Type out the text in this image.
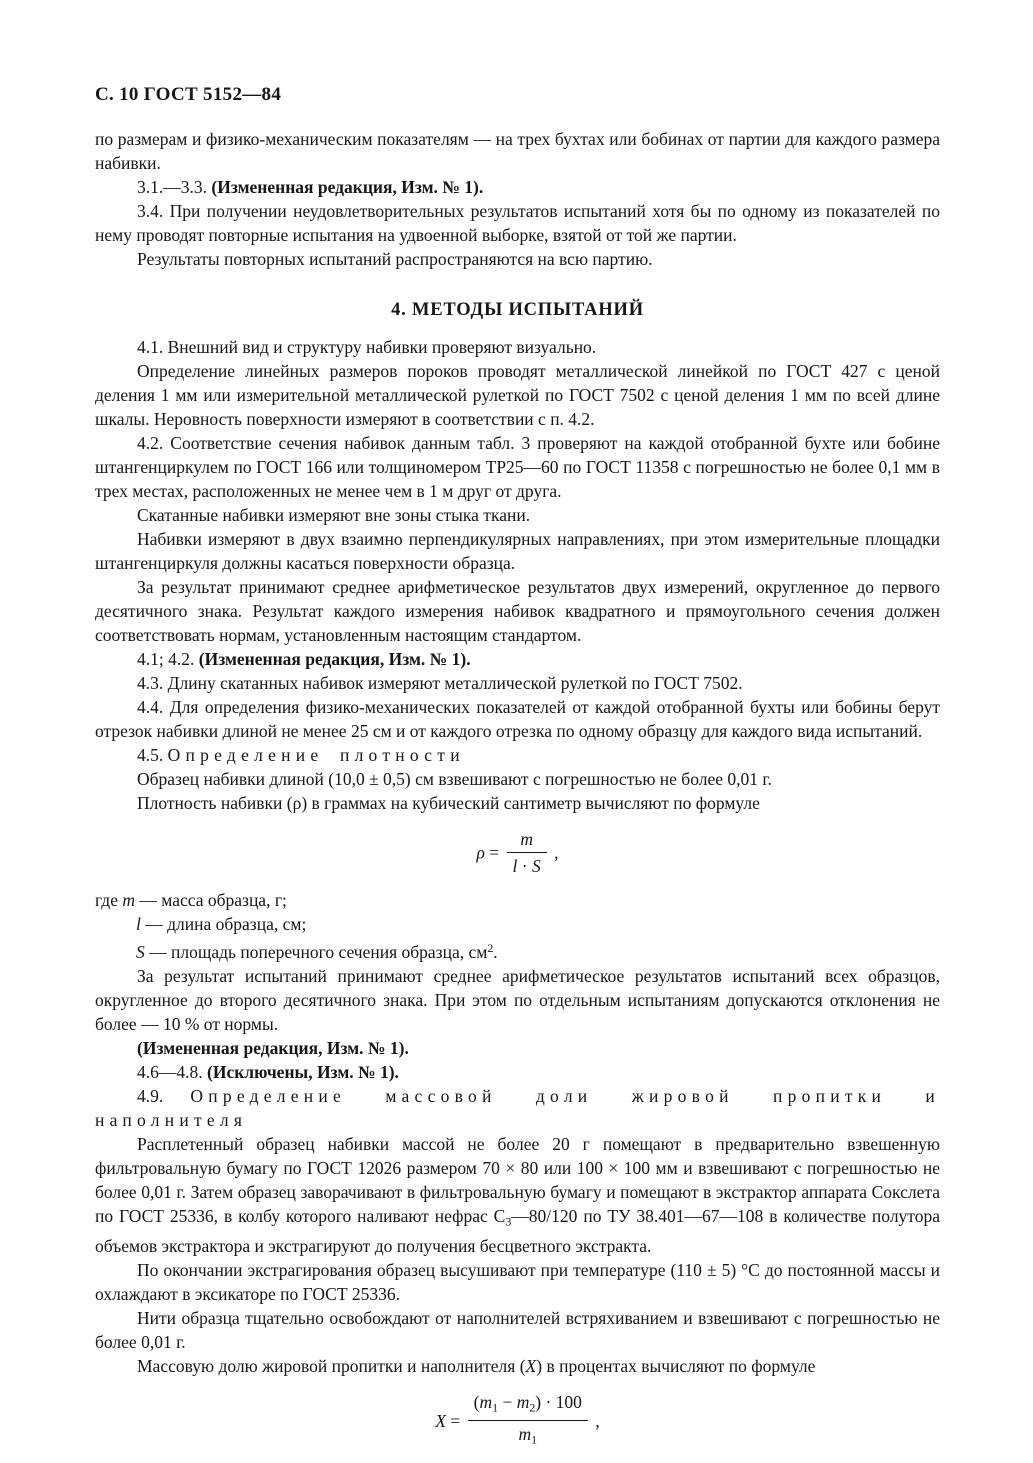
С. 10 ГОСТ 5152—84

по размерам и физико-механическим показателям — на трех бухтах или бобинах от партии для каждого размера набивки.

3.1.—3.3. (Измененная редакция, Изм. № 1).

3.4. При получении неудовлетворительных результатов испытаний хотя бы по одному из показателей по нему проводят повторные испытания на удвоенной выборке, взятой от той же партии.

Результаты повторных испытаний распространяются на всю партию.

4. МЕТОДЫ ИСПЫТАНИЙ

4.1. Внешний вид и структуру набивки проверяют визуально.

Определение линейных размеров пороков проводят металлической линейкой по ГОСТ 427 с ценой деления 1 мм или измерительной металлической рулеткой по ГОСТ 7502 с ценой деления 1 мм по всей длине шкалы. Неровность поверхности измеряют в соответствии с п. 4.2.

4.2. Соответствие сечения набивок данным табл. 3 проверяют на каждой отобранной бухте или бобине штангенциркулем по ГОСТ 166 или толщиномером ТР25—60 по ГОСТ 11358 с погрешностью не более 0,1 мм в трех местах, расположенных не менее чем в 1 м друг от друга.

Скатанные набивки измеряют вне зоны стыка ткани.

Набивки измеряют в двух взаимно перпендикулярных направлениях, при этом измерительные площадки штангенциркуля должны касаться поверхности образца.

За результат принимают среднее арифметическое результатов двух измерений, округленное до первого десятичного знака. Результат каждого измерения набивок квадратного и прямоугольного сечения должен соответствовать нормам, установленным настоящим стандартом.

4.1; 4.2. (Измененная редакция, Изм. № 1).

4.3. Длину скатанных набивок измеряют металлической рулеткой по ГОСТ 7502.

4.4. Для определения физико-механических показателей от каждой отобранной бухты или бобины берут отрезок набивки длиной не менее 25 см и от каждого отрезка по одному образцу для каждого вида испытаний.

4.5. Определение плотности

Образец набивки длиной (10,0 ± 0,5) см взвешивают с погрешностью не более 0,01 г.

Плотность набивки (ρ) в граммах на кубический сантиметр вычисляют по формуле

$\rho = \frac{m}{l \cdot S}$ ,

где m — масса образца, г;

l — длина образца, см;

S — площадь поперечного сечения образца, $см^2$.

За результат испытаний принимают среднее арифметическое результатов испытаний всех образцов, округленное до второго десятичного знака. При этом по отдельным испытаниям допускаются отклонения не более — 10 % от нормы.

(Измененная редакция, Изм. № 1).

4.6—4.8. (Исключены, Изм. № 1).

4.9. Определение массовой доли жировой пропитки и наполнителя

Расплетенный образец набивки массой не более 20 г помещают в предварительно взвешенную фильтровальную бумагу по ГОСТ 12026 размером 70 × 80 или 100 × 100 мм и взвешивают с погрешностью не более 0,01 г. Затем образец заворачивают в фильтровальную бумагу и помещают в экстрактор аппарата Сокслета по ГОСТ 25336, в колбу которого наливают нефрас $С_3—80/120$ по ТУ 38.401—67—108 в количестве полутора объемов экстрактора и экстрагируют до получения бесцветного экстракта.

По окончании экстрагирования образец высушивают при температуре (110 ± 5) °С до постоянной массы и охлаждают в эксикаторе по ГОСТ 25336.

Нити образца тщательно освобождают от наполнителей встряхиванием и взвешивают с погрешностью не более 0,01 г.

Массовую долю жировой пропитки и наполнителя (X) в процентах вычисляют по формуле

$X = \frac{(m_1 - m_2) \cdot 100}{m_1}$ ,
